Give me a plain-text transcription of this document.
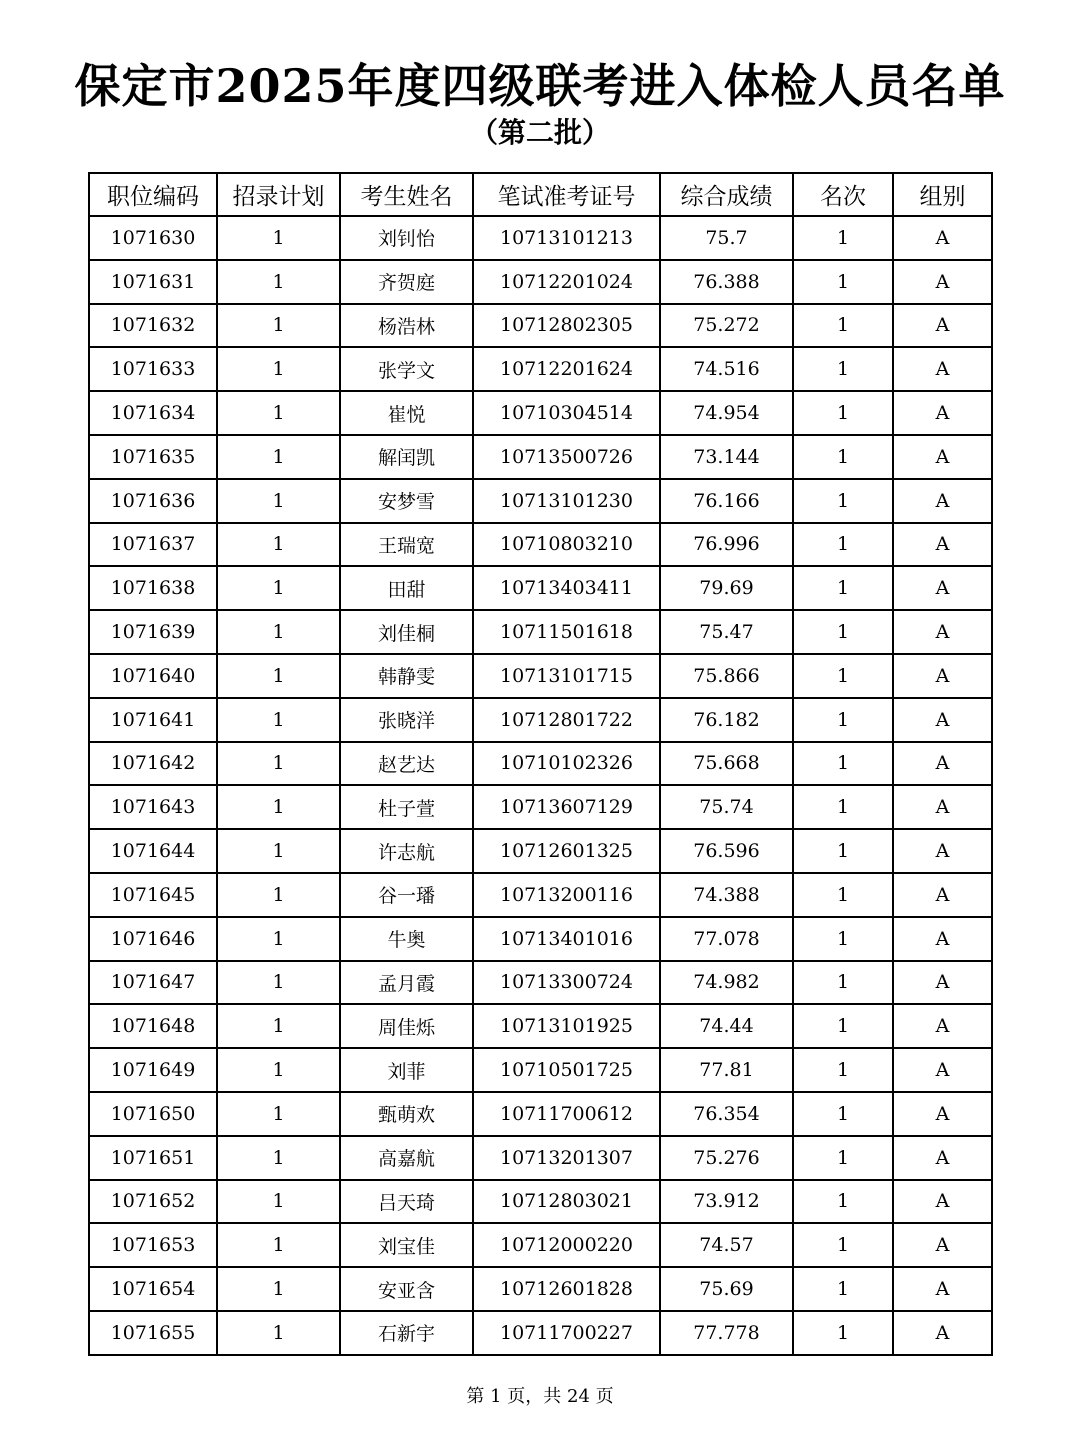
保定市2025年度四级联考进入体检人员名单
（第二批）
职位编码	招录计划	考生姓名	笔试准考证号	综合成绩	名次	组别
1071630	1	刘钊怡	10713101213	75.7	1	A
1071631	1	齐贺庭	10712201024	76.388	1	A
1071632	1	杨浩林	10712802305	75.272	1	A
1071633	1	张学文	10712201624	74.516	1	A
1071634	1	崔悦	10710304514	74.954	1	A
1071635	1	解闰凯	10713500726	73.144	1	A
1071636	1	安梦雪	10713101230	76.166	1	A
1071637	1	王瑞宽	10710803210	76.996	1	A
1071638	1	田甜	10713403411	79.69	1	A
1071639	1	刘佳桐	10711501618	75.47	1	A
1071640	1	韩静雯	10713101715	75.866	1	A
1071641	1	张晓洋	10712801722	76.182	1	A
1071642	1	赵艺达	10710102326	75.668	1	A
1071643	1	杜子萱	10713607129	75.74	1	A
1071644	1	许志航	10712601325	76.596	1	A
1071645	1	谷一璠	10713200116	74.388	1	A
1071646	1	牛奥	10713401016	77.078	1	A
1071647	1	孟月霞	10713300724	74.982	1	A
1071648	1	周佳烁	10713101925	74.44	1	A
1071649	1	刘菲	10710501725	77.81	1	A
1071650	1	甄萌欢	10711700612	76.354	1	A
1071651	1	高嘉航	10713201307	75.276	1	A
1071652	1	吕天琦	10712803021	73.912	1	A
1071653	1	刘宝佳	10712000220	74.57	1	A
1071654	1	安亚含	10712601828	75.69	1	A
1071655	1	石新宇	10711700227	77.778	1	A
第 1 页，共 24 页
